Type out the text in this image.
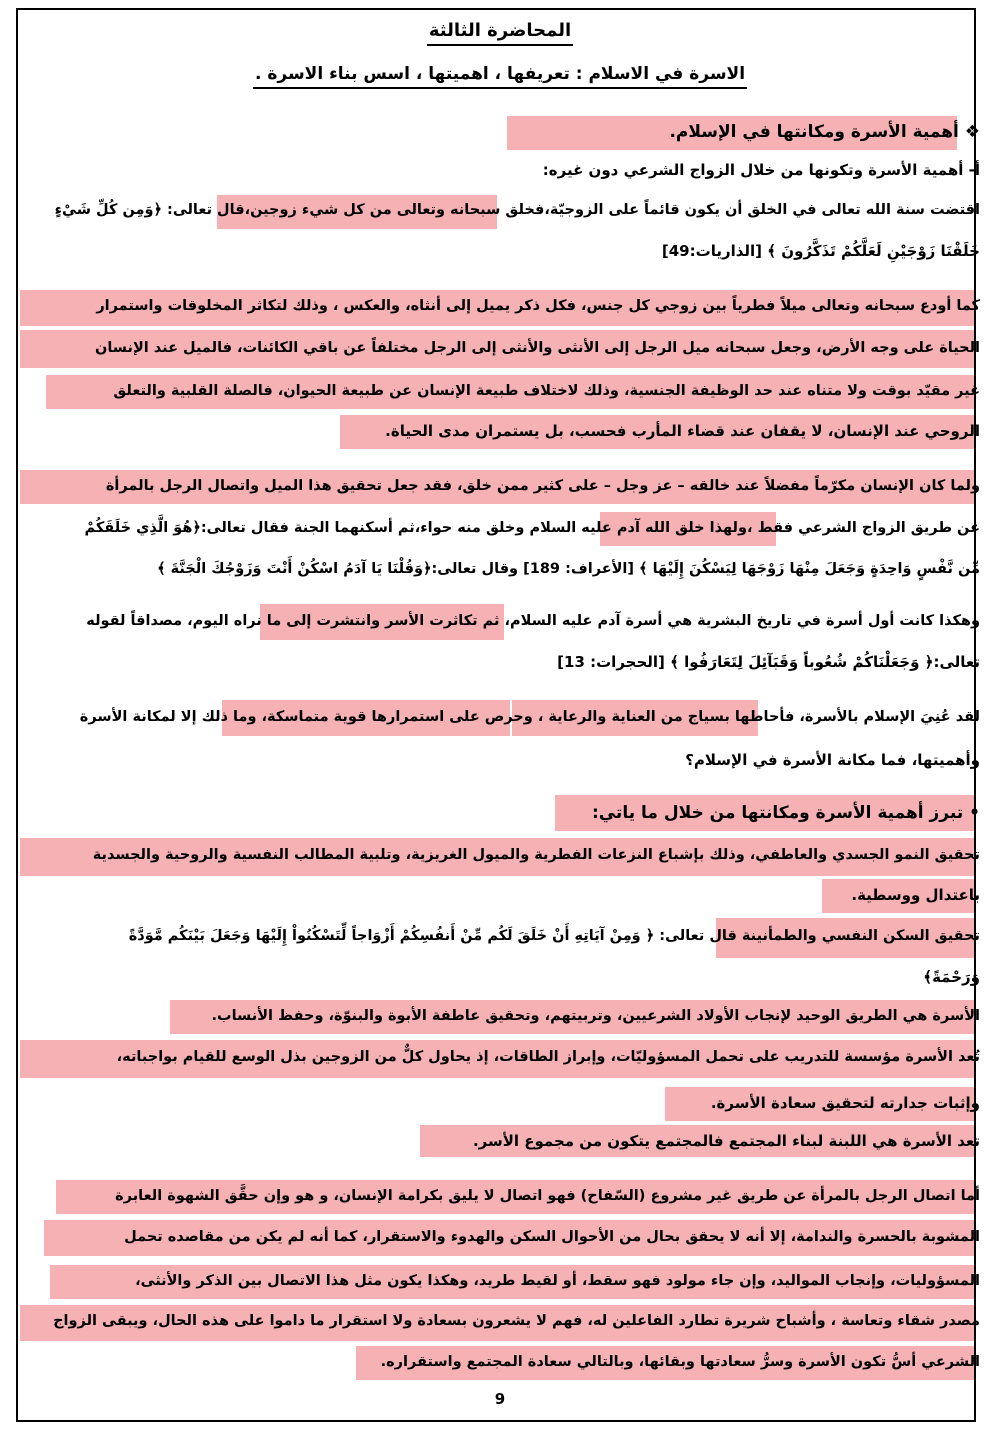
المحاضرة الثالثة
الاسرة في الاسلام : تعريفها ، اهميتها ، اسس بناء الاسرة .
❖ أهمية الأسرة ومكانتها في الإسلام.
أ- أهمية الأسرة وتكونها من خلال الزواج الشرعي دون غيره:
اقتضت سنة الله تعالى في الخلق أن يكون قائماً على الزوجيّة،فخلق سبحانه وتعالى من كل شيء زوجين،قال تعالى: ﴿وَمِن كُلِّ شَيْءٍ
خَلَقْنَا زَوْجَيْنِ لَعَلَّكُمْ تَذَكَّرُونَ ﴾ [الذاريات:49]
كما أودع سبحانه وتعالى ميلاً فطرياً بين زوجي كل جنس، فكل ذكر يميل إلى أنثاه، والعكس ، وذلك لتكاثر المخلوقات واستمرار
الحياة على وجه الأرض، وجعل سبحانه ميل الرجل إلى الأنثى والأنثى إلى الرجل مختلفاً عن باقي الكائنات، فالميل عند الإنسان
غير مقيّد بوقت ولا متناه عند حد الوظيفة الجنسية، وذلك لاختلاف طبيعة الإنسان عن طبيعة الحيوان، فالصلة القلبية والتعلق
الروحي عند الإنسان، لا يقفان عند قضاء المأرب فحسب، بل يستمران مدى الحياة.
ولما كان الإنسان مكرّماً مفضلاً عند خالقه – عز وجل – على كثير ممن خلق، فقد جعل تحقيق هذا الميل واتصال الرجل بالمرأة
عن طريق الزواج الشرعي فقط ،ولهذا خلق الله آدم عليه السلام وخلق منه حواء،ثم أسكنهما الجنة فقال تعالى:﴿هُوَ الَّذِي خَلَقَكُمْ
مِّن نَّفْسٍ وَاحِدَةٍ وَجَعَلَ مِنْهَا زَوْجَهَا لِيَسْكُنَ إِلَيْهَا ﴾ [الأعراف: 189] وقال تعالى:﴿وَقُلْنَا يَا آدَمُ اسْكُنْ أَنْتَ وَزَوْجُكَ الْجَنَّةَ ﴾
وهكذا كانت أول أسرة في تاريخ البشرية هي أسرة آدم عليه السلام، ثم تكاثرت الأسر وانتشرت إلى ما نراه اليوم، مصداقاً لقوله
تعالى:﴿ وَجَعَلْنَاكُمْ شُعُوباً وَقَبَآئِلَ لِتَعَارَفُوا ﴾ [الحجرات: 13]
لقد عُنِيَ الإسلام بالأسرة، فأحاطها بسياج من العناية والرعاية ، وحرص على استمرارها قوية متماسكة، وما ذلك إلا لمكانة الأسرة
وأهميتها، فما مكانة الأسرة في الإسلام؟
• تبرز أهمية الأسرة ومكانتها من خلال ما ياتي:
تحقيق النمو الجسدي والعاطفي، وذلك بإشباع النزعات الفطرية والميول الغريزية، وتلبية المطالب النفسية والروحية والجسدية
باعتدال ووسطية.
تحقيق السكن النفسي والطمأنينة قال تعالى: ﴿ وَمِنْ آيَاتِهِ أَنْ خَلَقَ لَكُم مِّنْ أَنفُسِكُمْ أَزْوَاجاً لِّتَسْكُنُواْ إِلَيْهَا وَجَعَلَ بَيْنَكُم مَّوَدَّةً
وَرَحْمَةً﴾
الأسرة هي الطريق الوحيد لإنجاب الأولاد الشرعيين، وتربيتهم، وتحقيق عاطفة الأبوة والبنوّة، وحفظ الأنساب.
تُعد الأسرة مؤسسة للتدريب على تحمل المسؤوليّات، وإبراز الطاقات، إذ يحاول كلٌّ من الزوجين بذل الوسع للقيام بواجباته،
وإثبات جدارته لتحقيق سعادة الأسرة.
تعد الأسرة هي اللبنة لبناء المجتمع فالمجتمع يتكون من مجموع الأسر.
أما اتصال الرجل بالمرأة عن طريق غير مشروع (السّفاح) فهو اتصال لا يليق بكرامة الإنسان، و هو وإن حقَّق الشهوة العابرة
المشوبة بالحسرة والندامة، إلا أنه لا يحقق بحال من الأحوال السكن والهدوء والاستقرار، كما أنه لم يكن من مقاصده تحمل
المسؤوليات، وإنجاب المواليد، وإن جاء مولود فهو سقط، أو لقيط طريد، وهكذا يكون مثل هذا الاتصال بين الذكر والأنثى،
مصدر شقاء وتعاسة ، وأشباح شريرة تطارد الفاعلين له، فهم لا يشعرون بسعادة ولا استقرار ما داموا على هذه الحال، ويبقى الزواج
الشرعي أسُّ تكون الأسرة وسرُّ سعادتها وبقائها، وبالتالي سعادة المجتمع واستقراره.
9
